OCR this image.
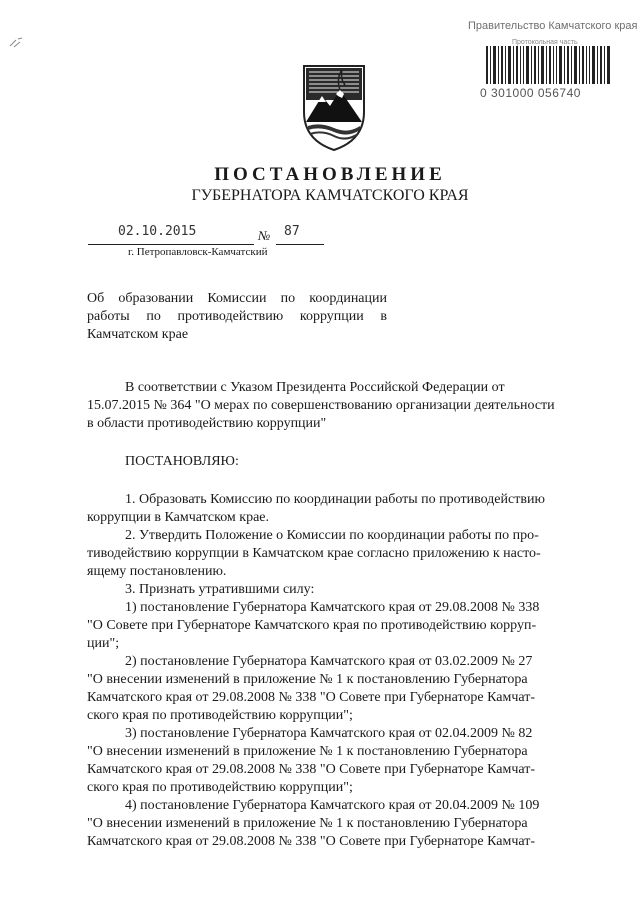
Правительство Камчатского края
Протокольная часть
0 301000 056740
ПОСТАНОВЛЕНИЕ
ГУБЕРНАТОРА КАМЧАТСКОГО КРАЯ
02.10.2015	№ 87
г. Петропавловск-Камчатский
Об образовании Комиссии по координации
работы по противодействию коррупции в
Камчатском крае
В соответствии с Указом Президента Российской Федерации от
15.07.2015 № 364 "О мерах по совершенствованию организации деятельности
в области противодействию коррупции"
ПОСТАНОВЛЯЮ:
1. Образовать Комиссию по координации работы по противодействию
коррупции в Камчатском крае.
2. Утвердить Положение о Комиссии по координации работы по про-
тиводействию коррупции в Камчатском крае согласно приложению к насто-
ящему постановлению.
3. Признать утратившими силу:
1) постановление Губернатора Камчатского края от 29.08.2008 № 338
"О Совете при Губернаторе Камчатского края по противодействию корруп-
ции";
2) постановление Губернатора Камчатского края от 03.02.2009 № 27
"О внесении изменений в приложение № 1 к постановлению Губернатора
Камчатского края от 29.08.2008 № 338 "О Совете при Губернаторе Камчат-
ского края по противодействию коррупции";
3) постановление Губернатора Камчатского края от 02.04.2009 № 82
"О внесении изменений в приложение № 1 к постановлению Губернатора
Камчатского края от 29.08.2008 № 338 "О Совете при Губернаторе Камчат-
ского края по противодействию коррупции";
4) постановление Губернатора Камчатского края от 20.04.2009 № 109
"О внесении изменений в приложение № 1 к постановлению Губернатора
Камчатского края от 29.08.2008 № 338 "О Совете при Губернаторе Камчат-
